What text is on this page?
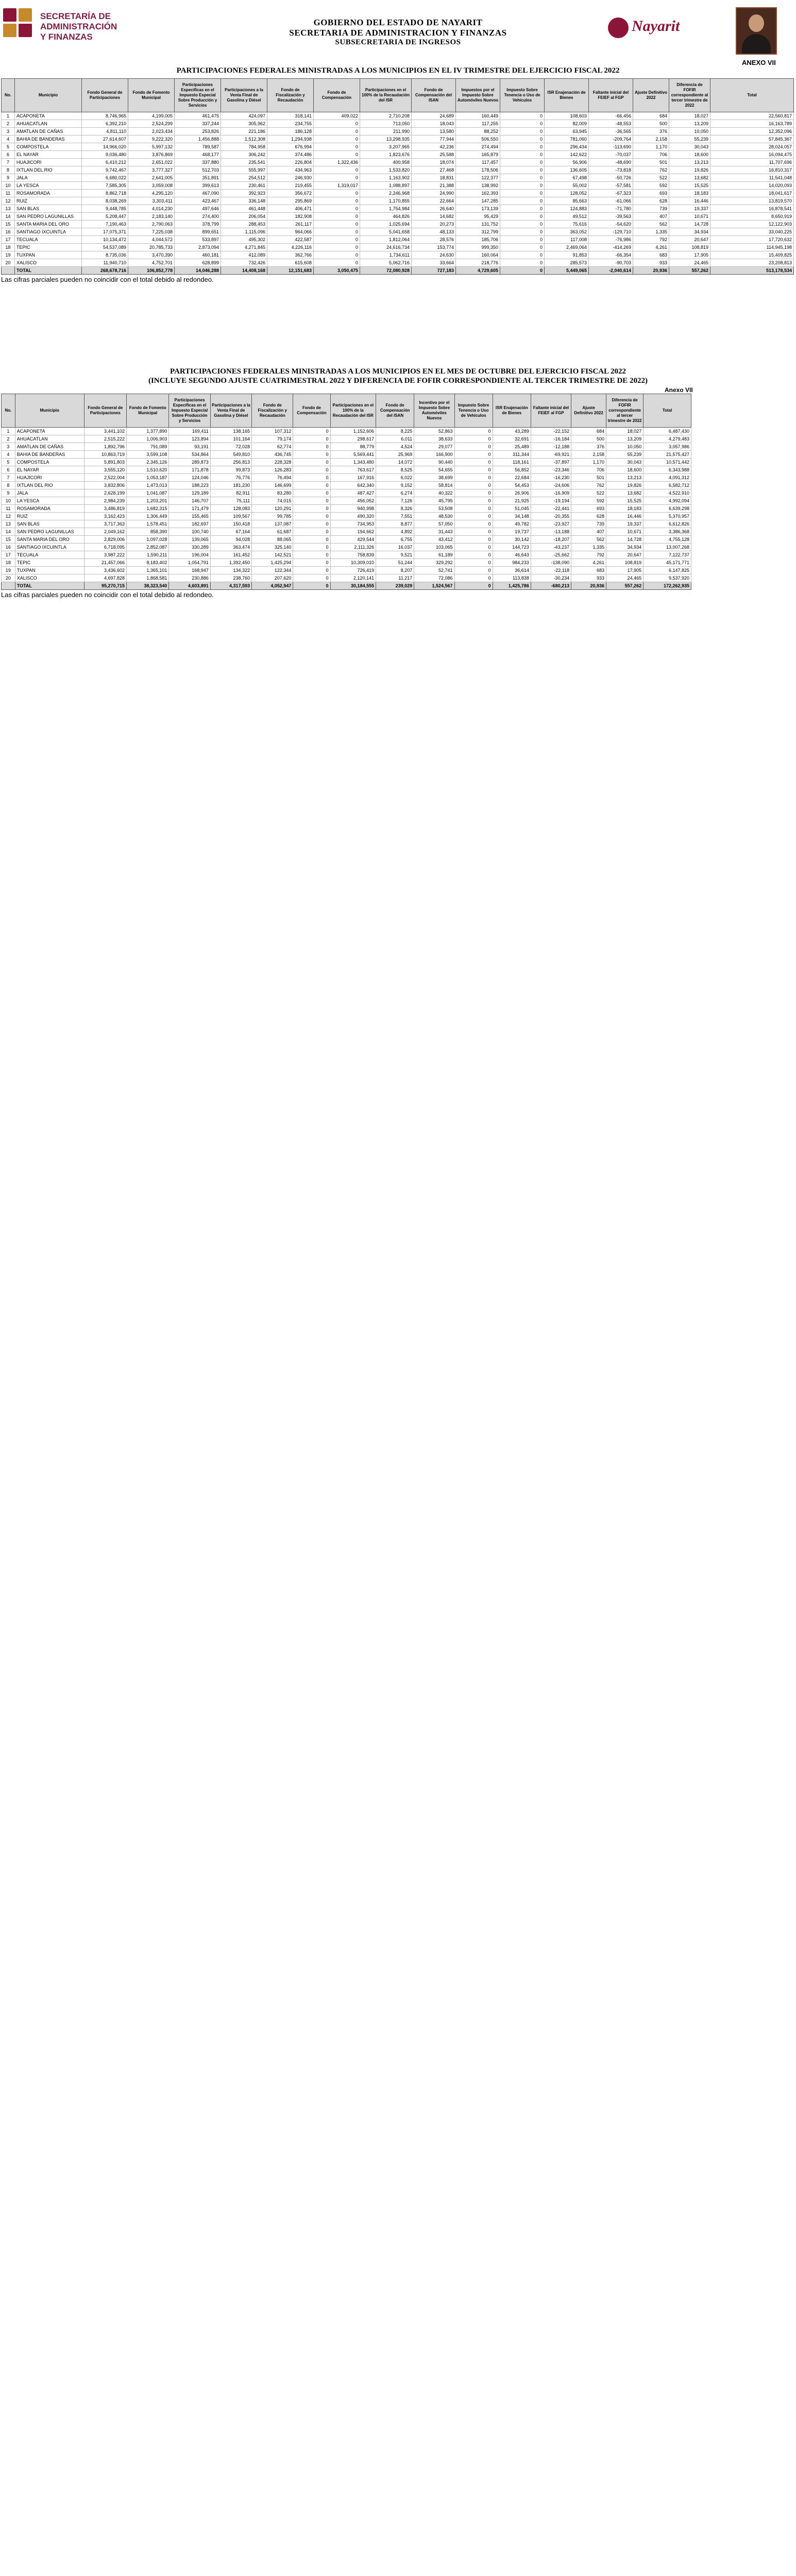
SECRETARÍA DE ADMINISTRACIÓN Y FINANZAS
GOBIERNO DEL ESTADO DE NAYARIT
SECRETARIA DE ADMINISTRACION Y FINANZAS
SUBSECRETARIA DE INGRESOS
Nayarit
ANEXO VII
PARTICIPACIONES FEDERALES MINISTRADAS A LOS MUNICIPIOS EN EL IV TRIMESTRE DEL EJERCICIO FISCAL 2022
No.	Municipio	Fondo General de Participaciones	Fondo de Fomento Municipal	Participaciones Específicas en el Impuesto Especial Sobre Producción y Servicios	Participaciones a la Venta Final de Gasolina y Diésel	Fondo de Fiscalización y Recaudación	Fondo de Compensación	Participaciones en el 100% de la Recaudación del ISR	Fondo de Compensación del ISAN	Impuestos por el Impuesto Sobre Automóviles Nuevos	Impuesto Sobre Tenencia o Uso de Vehículos	ISR Enajenación de Bienes	Faltante inicial del FEIEF al FGP	Ajuste Definitivo 2022	Diferencia de FOFIR correspondiente al tercer trimestre de 2022	Total
1	ACAPONETA	8,746,965	4,199,005	461,475	424,097	318,141	409,022	2,710,208	24,689	160,449	0	108,603	-66,456	684	18,027	22,560,817
2	AHUACATLAN	6,392,210	2,524,299	337,244	305,962	234,755	0	713,050	18,043	117,255	0	82,009	-48,553	500	13,209	16,163,789
3	AMATLAN DE CAÑAS	4,811,110	2,023,434	253,826	221,186	186,128	0	211,990	13,580	88,252	0	63,945	-36,565	376	10,050	12,352,096
4	BAHIA DE BANDERAS	27,614,607	9,222,320	1,456,888	1,512,308	1,294,938	0	13,298,935	77,944	506,550	0	781,060	-209,764	2,158	55,239	57,845,367
5	COMPOSTELA	14,966,020	5,997,132	789,587	784,958	676,994	0	3,207,965	42,236	274,494	0	296,434	-113,690	1,170	30,043	28,024,057
6	EL NAYAR	9,036,480	3,876,869	468,177	306,242	374,486	0	1,823,676	25,588	165,879	0	142,622	-70,037	706	18,600	16,094,475
7	HUAJICORI	6,410,212	2,651,022	337,880	235,541	226,804	1,322,436	400,958	18,074	117,457	0	56,906	-48,690	501	13,213	11,707,696
8	IXTLAN DEL RIO	9,742,467	3,777,327	512,703	555,997	434,963	0	1,533,820	27,468	178,506	0	136,605	-73,818	762	19,826	16,810,317
9	JALA	6,680,022	2,641,005	351,891	254,512	246,930	0	1,163,902	18,831	122,377	0	67,498	-50,726	522	13,682	11,541,048
10	LA YESCA	7,585,305	3,059,008	399,613	230,461	219,455	1,319,017	1,088,897	21,388	138,992	0	55,002	-57,581	592	15,525	14,020,093
11	ROSAMORADA	8,862,718	4,295,120	467,090	392,923	356,672	0	2,246,968	24,990	162,393	0	128,052	-67,323	693	18,183	18,041,617
12	RUIZ	8,038,269	3,303,411	423,467	336,148	295,869	0	1,170,855	22,664	147,285	0	85,663	-61,066	628	16,446	13,819,570
13	SAN BLAS	9,448,785	4,014,230	497,646	461,448	406,471	0	1,754,984	26,640	173,139	0	124,883	-71,780	739	19,337	16,878,541
14	SAN PEDRO LAGUNILLAS	5,208,447	2,183,140	274,400	206,054	182,908	0	464,826	14,682	95,429	0	49,512	-39,563	407	10,671	8,650,919
15	SANTA MARIA DEL ORO	7,190,463	2,790,063	378,799	288,453	261,117	0	1,025,694	20,273	131,752	0	75,616	-54,620	562	14,728	12,122,903
16	SANTIAGO IXCUINTLA	17,075,371	7,225,038	899,651	1,115,096	964,066	0	5,041,658	48,133	312,799	0	363,052	-129,710	1,335	34,934	33,040,225
17	TECUALA	10,134,472	4,044,572	533,897	495,302	422,587	0	1,812,064	28,576	185,706	0	117,008	-76,986	792	20,647	17,720,632
18	TEPIC	54,537,089	20,785,733	2,873,094	4,271,845	4,226,116	0	24,616,734	153,774	999,350	0	2,469,064	-414,269	4,261	108,819	114,945,198
19	TUXPAN	8,735,036	3,470,390	460,181	412,089	362,766	0	1,734,611	24,630	160,064	0	91,853	-66,354	683	17,905	15,409,825
20	XALISCO	11,940,710	4,752,701	628,899	732,426	615,608	0	5,062,716	33,664	218,776	0	285,573	-90,703	933	24,465	23,208,813
	TOTAL	268,678,716	106,852,778	14,046,288	14,408,168	12,151,683	3,050,475	72,080,928	727,183	4,729,605	0	5,449,065	-2,040,614	20,936	557,262	513,178,534
Las cifras parciales pueden no coincidir con el total debido al redondeo.
PARTICIPACIONES FEDERALES MINISTRADAS A LOS MUNICIPIOS EN EL MES DE OCTUBRE DEL EJERCICIO FISCAL 2022
(INCLUYE SEGUNDO AJUSTE CUATRIMESTRAL 2022 Y DIFERENCIA DE FOFIR CORRESPONDIENTE AL TERCER TRIMESTRE DE 2022)
Anexo VII
No.	Municipio	Fondo General de Participaciones	Fondo de Fomento Municipal	Participaciones Específicas en el Impuesto Especial Sobre Producción y Servicios	Participaciones a la Venta Final de Gasolina y Diésel	Fondo de Fiscalización y Recaudación	Fondo de Compensación	Participaciones en el 100% de la Recaudación del ISR	Fondo de Compensación del ISAN	Incentivo por el Impuesto Sobre Automóviles Nuevos	Impuesto Sobre Tenencia o Uso de Vehículos	ISR Enajenación de Bienes	Faltante inicial del FEIEF al FGP	Ajuste Definitivo 2022	Diferencia de FOFIR correspondiente al tercer trimestre de 2022	Total
1	ACAPONETA	3,441,102	1,377,890	169,411	138,165	107,312	0	1,152,606	8,225	52,863	0	43,289	-22,152	684	18,027	6,487,430
2	AHUACATLAN	2,515,222	1,006,903	123,894	101,164	79,174	0	298,617	6,011	38,633	0	32,691	-16,184	500	13,209	4,279,483
3	AMATLAN DE CAÑAS	1,892,796	791,089	93,191	72,028	62,774	0	88,779	4,524	29,077	0	25,489	-12,188	376	10,050	3,057,986
4	BAHIA DE BANDERAS	10,863,719	3,599,108	534,864	549,810	436,745	0	5,569,441	25,969	166,900	0	311,344	-69,921	2,158	55,239	21,575,427
5	COMPOSTELA	5,891,803	2,345,126	289,873	256,813	228,328	0	1,343,480	14,072	90,440	0	118,161	-37,897	1,170	30,043	10,571,442
6	EL NAYAR	3,555,120	1,510,620	171,878	99,873	126,283	0	763,617	8,525	54,655	0	56,852	-23,346	706	18,600	6,343,988
7	HUAJICORI	2,522,004	1,053,187	124,046	76,776	76,494	0	167,916	6,022	38,699	0	22,684	-16,230	501	13,213	4,091,312
8	IXTLAN DEL RIO	3,832,806	1,473,013	188,223	181,230	146,699	0	642,340	9,152	58,814	0	54,453	-24,606	762	19,826	6,582,712
9	JALA	2,628,199	1,041,087	129,189	82,911	83,280	0	487,427	6,274	40,322	0	26,906	-16,909	522	13,682	4,522,910
10	LA YESCA	2,984,239	1,203,201	146,707	75,111	74,015	0	456,052	7,126	45,795	0	21,925	-19,194	592	15,525	4,992,094
11	ROSAMORADA	3,486,819	1,682,315	171,479	128,083	120,291	0	940,998	8,326	53,508	0	51,045	-22,441	693	18,183	6,639,298
12	RUIZ	3,162,423	1,306,449	155,465	109,567	99,785	0	490,320	7,551	48,530	0	34,148	-20,355	628	16,446	5,370,957
13	SAN BLAS	3,717,363	1,578,451	182,697	150,418	137,087	0	734,953	8,877	57,050	0	49,782	-23,927	739	19,337	6,612,826
14	SAN PEDRO LAGUNILLAS	2,049,162	858,390	100,740	67,164	61,687	0	194,662	4,892	31,443	0	19,737	-13,188	407	10,671	3,386,368
15	SANTA MARIA DEL ORO	2,829,006	1,097,028	139,065	94,028	88,065	0	429,544	6,755	43,412	0	30,142	-18,207	562	14,728	4,755,128
16	SANTIAGO IXCUINTLA	6,718,095	2,852,087	330,289	363,474	325,140	0	2,111,326	16,037	103,065	0	144,723	-43,237	1,335	34,934	13,007,268
17	TECUALA	3,987,222	1,590,211	196,004	161,452	142,521	0	758,839	9,521	61,189	0	46,643	-25,662	792	20,647	7,122,737
18	TEPIC	21,457,066	8,183,402	1,054,791	1,392,450	1,425,294	0	10,309,010	51,244	329,292	0	984,233	-138,090	4,261	108,819	45,171,771
19	TUXPAN	3,436,602	1,365,101	168,947	134,322	122,344	0	726,419	8,207	52,741	0	36,614	-22,118	683	17,905	6,147,825
20	XALISCO	4,697,828	1,868,581	230,886	238,760	207,620	0	2,120,141	11,217	72,086	0	113,838	-30,234	933	24,465	9,537,920
	TOTAL	95,270,715	38,323,540	4,603,891	4,317,593	4,052,947	0	30,184,555	239,029	1,524,567	0	1,425,786	-680,213	20,936	557,262	172,262,935
Las cifras parciales pueden no coincidir con el total debido al redondeo.
